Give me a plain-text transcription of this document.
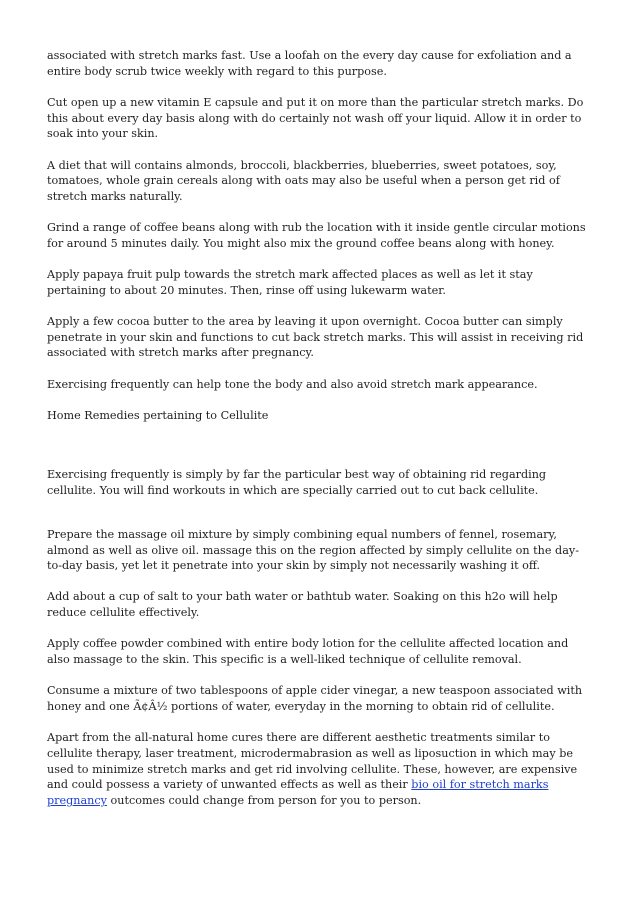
associated with stretch marks fast. Use a loofah on the every day cause for exfoliation and a entire body scrub twice weekly with regard to this purpose.

Cut open up a new vitamin E capsule and put it on more than the particular stretch marks. Do this about every day basis along with do certainly not wash off your liquid. Allow it in order to soak into your skin.

A diet that will contains almonds, broccoli, blackberries, blueberries, sweet potatoes, soy, tomatoes, whole grain cereals along with oats may also be useful when a person get rid of stretch marks naturally.

Grind a range of coffee beans along with rub the location with it inside gentle circular motions for around 5 minutes daily. You might also mix the ground coffee beans along with honey.

Apply papaya fruit pulp towards the stretch mark affected places as well as let it stay pertaining to about 20 minutes. Then, rinse off using lukewarm water.

Apply a few cocoa butter to the area by leaving it upon overnight. Cocoa butter can simply penetrate in your skin and functions to cut back stretch marks. This will assist in receiving rid associated with stretch marks after pregnancy.

Exercising frequently can help tone the body and also avoid stretch mark appearance.

Home Remedies pertaining to Cellulite

Exercising frequently is simply by far the particular best way of obtaining rid regarding cellulite. You will find workouts in which are specially carried out to cut back cellulite.

Prepare the massage oil mixture by simply combining equal numbers of fennel, rosemary, almond as well as olive oil. massage this on the region affected by simply cellulite on the day-to-day basis, yet let it penetrate into your skin by simply not necessarily washing it off.

Add about a cup of salt to your bath water or bathtub water. Soaking on this h2o will help reduce cellulite effectively.

Apply coffee powder combined with entire body lotion for the cellulite affected location and also massage to the skin. This specific is a well-liked technique of cellulite removal.

Consume a mixture of two tablespoons of apple cider vinegar, a new teaspoon associated with honey and one Ã¢Â½ portions of water, everyday in the morning to obtain rid of cellulite.

Apart from the all-natural home cures there are different aesthetic treatments similar to cellulite therapy, laser treatment, microdermabrasion as well as liposuction in which may be used to minimize stretch marks and get rid involving cellulite. These, however, are expensive and could possess a variety of unwanted effects as well as their bio oil for stretch marks pregnancy outcomes could change from person for you to person.
